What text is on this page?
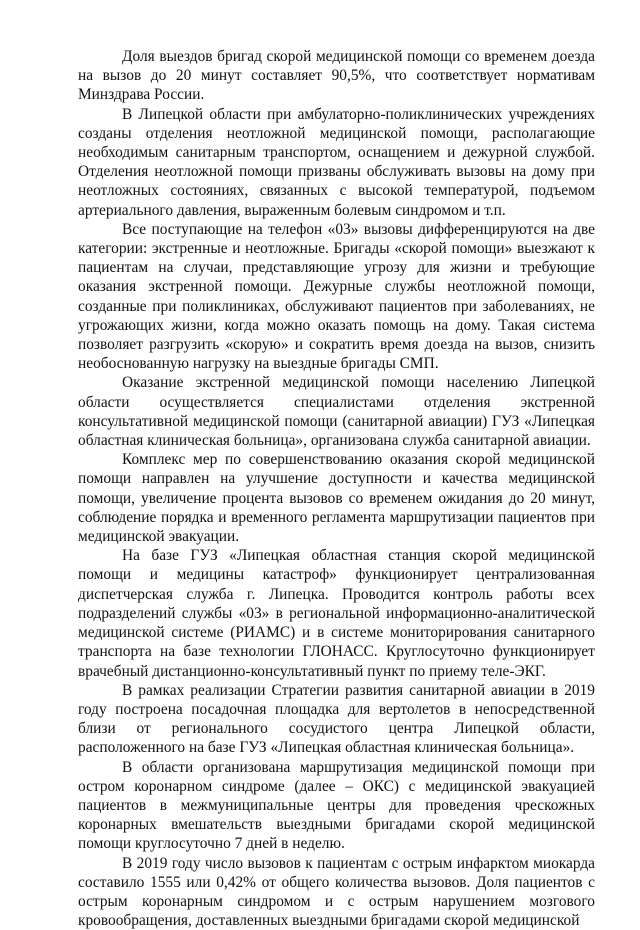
Доля выездов бригад скорой медицинской помощи со временем доезда на вызов до 20 минут составляет 90,5%, что соответствует нормативам Минздрава России.

В Липецкой области при амбулаторно-поликлинических учреждениях созданы отделения неотложной медицинской помощи, располагающие необходимым санитарным транспортом, оснащением и дежурной службой. Отделения неотложной помощи призваны обслуживать вызовы на дому при неотложных состояниях, связанных с высокой температурой, подъемом артериального давления, выраженным болевым синдромом и т.п.

Все поступающие на телефон «03» вызовы дифференцируются на две категории: экстренные и неотложные. Бригады «скорой помощи» выезжают к пациентам на случаи, представляющие угрозу для жизни и требующие оказания экстренной помощи. Дежурные службы неотложной помощи, созданные при поликлиниках, обслуживают пациентов при заболеваниях, не угрожающих жизни, когда можно оказать помощь на дому. Такая система позволяет разгрузить «скорую» и сократить время доезда на вызов, снизить необоснованную нагрузку на выездные бригады СМП.

Оказание экстренной медицинской помощи населению Липецкой области осуществляется специалистами отделения экстренной консультативной медицинской помощи (санитарной авиации) ГУЗ «Липецкая областная клиническая больница», организована служба санитарной авиации.

Комплекс мер по совершенствованию оказания скорой медицинской помощи направлен на улучшение доступности и качества медицинской помощи, увеличение процента вызовов со временем ожидания до 20 минут, соблюдение порядка и временного регламента маршрутизации пациентов при медицинской эвакуации.

На базе ГУЗ «Липецкая областная станция скорой медицинской помощи и медицины катастроф» функционирует централизованная диспетчерская служба г. Липецка. Проводится контроль работы всех подразделений службы «03» в региональной информационно-аналитической медицинской системе (РИАМС) и в системе мониторирования санитарного транспорта на базе технологии ГЛОНАСС. Круглосуточно функционирует врачебный дистанционно-консультативный пункт по приему теле-ЭКГ.

В рамках реализации Стратегии развития санитарной авиации в 2019 году построена посадочная площадка для вертолетов в непосредственной близи от регионального сосудистого центра Липецкой области, расположенного на базе ГУЗ «Липецкая областная клиническая больница».

В области организована маршрутизация медицинской помощи при остром коронарном синдроме (далее – ОКС) с медицинской эвакуацией пациентов в межмуниципальные центры для проведения чрескожных коронарных вмешательств выездными бригадами скорой медицинской помощи круглосуточно 7 дней в неделю.

В 2019 году число вызовов к пациентам с острым инфарктом миокарда составило 1555 или 0,42% от общего количества вызовов. Доля пациентов с острым коронарным синдромом и с острым нарушением мозгового кровообращения, доставленных выездными бригадами скорой медицинской
